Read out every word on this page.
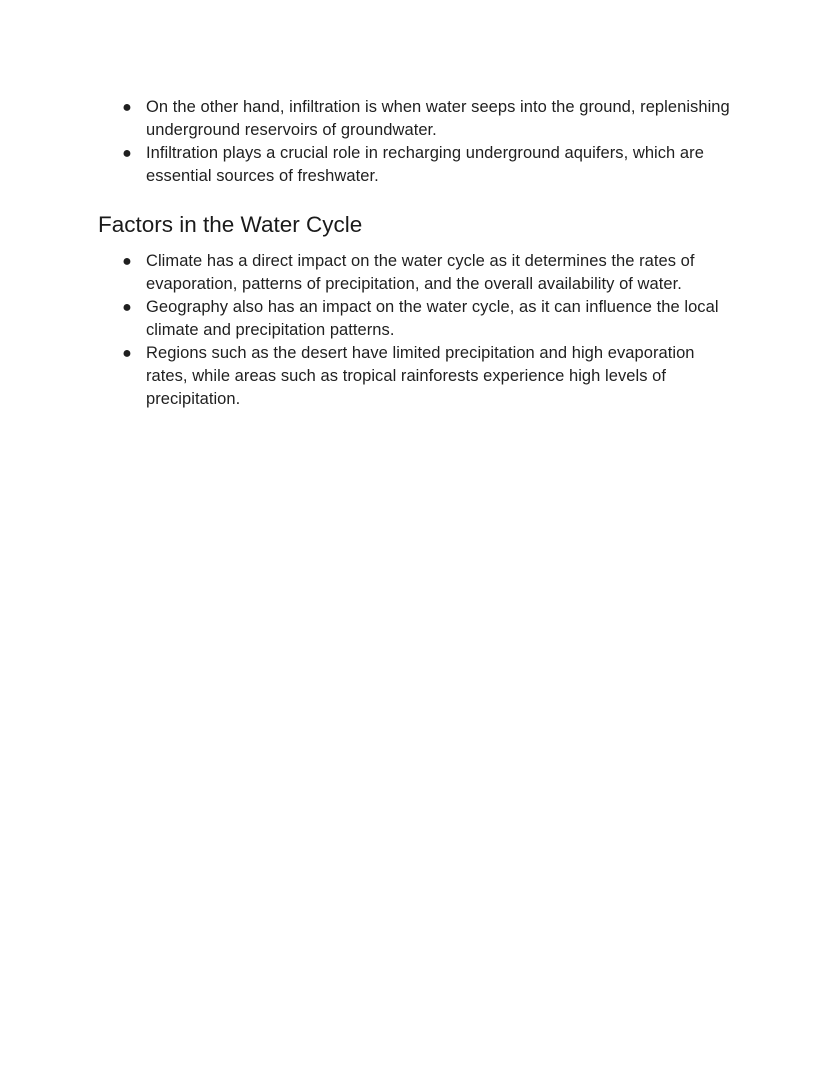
● On the other hand, infiltration is when water seeps into the ground, replenishing underground reservoirs of groundwater.
● Infiltration plays a crucial role in recharging underground aquifers, which are essential sources of freshwater.
Factors in the Water Cycle
● Climate has a direct impact on the water cycle as it determines the rates of evaporation, patterns of precipitation, and the overall availability of water.
● Geography also has an impact on the water cycle, as it can influence the local climate and precipitation patterns.
● Regions such as the desert have limited precipitation and high evaporation rates, while areas such as tropical rainforests experience high levels of precipitation.
